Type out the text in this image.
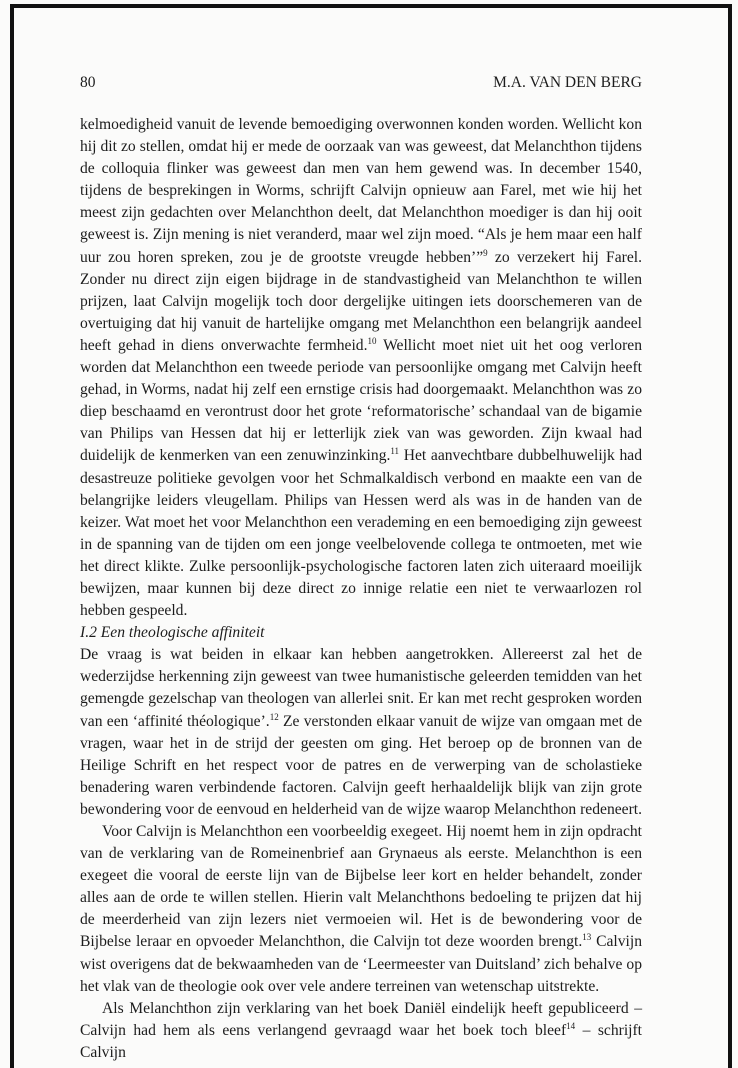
80	M.A. VAN DEN BERG

kelmoedigheid vanuit de levende bemoediging overwonnen konden worden. Wellicht kon hij dit zo stellen, omdat hij er mede de oorzaak van was geweest, dat Melanchthon tijdens de colloquia flinker was geweest dan men van hem gewend was. In december 1540, tijdens de besprekingen in Worms, schrijft Calvijn opnieuw aan Farel, met wie hij het meest zijn gedachten over Melanchthon deelt, dat Melanchthon moediger is dan hij ooit geweest is. Zijn mening is niet veranderd, maar wel zijn moed. “Als je hem maar een half uur zou horen spreken, zou je de grootste vreugde hebben’”$^9$ zo verzekert hij Farel. Zonder nu direct zijn eigen bijdrage in de standvastigheid van Melanchthon te willen prijzen, laat Calvijn mogelijk toch door dergelijke uitingen iets doorschemeren van de overtuiging dat hij vanuit de hartelijke omgang met Melanchthon een belangrijk aandeel heeft gehad in diens onverwachte fermheid.$^{10}$ Wellicht moet niet uit het oog verloren worden dat Melanchthon een tweede periode van persoonlijke omgang met Calvijn heeft gehad, in Worms, nadat hij zelf een ernstige crisis had doorgemaakt. Melanchthon was zo diep beschaamd en verontrust door het grote ‘reformatorische’ schandaal van de bigamie van Philips van Hessen dat hij er letterlijk ziek van was geworden. Zijn kwaal had duidelijk de kenmerken van een zenuwinzinking.$^{11}$ Het aanvechtbare dubbelhuwelijk had desastreuze politieke gevolgen voor het Schmalkaldisch verbond en maakte een van de belangrijke leiders vleugellam. Philips van Hessen werd als was in de handen van de keizer. Wat moet het voor Melanchthon een verademing en een bemoediging zijn geweest in de spanning van de tijden om een jonge veelbelovende collega te ontmoeten, met wie het direct klikte. Zulke persoonlijk-psychologische factoren laten zich uiteraard moeilijk bewijzen, maar kunnen bij deze direct zo innige relatie een niet te verwaarlozen rol hebben gespeeld.

I.2 Een theologische affiniteit

De vraag is wat beiden in elkaar kan hebben aangetrokken. Allereerst zal het de wederzijdse herkenning zijn geweest van twee humanistische geleerden temidden van het gemengde gezelschap van theologen van allerlei snit. Er kan met recht gesproken worden van een ‘affinité théologique’.$^{12}$ Ze verstonden elkaar vanuit de wijze van omgaan met de vragen, waar het in de strijd der geesten om ging. Het beroep op de bronnen van de Heilige Schrift en het respect voor de patres en de verwerping van de scholastieke benadering waren verbindende factoren. Calvijn geeft herhaaldelijk blijk van zijn grote bewondering voor de eenvoud en helderheid van de wijze waarop Melanchthon redeneert.

Voor Calvijn is Melanchthon een voorbeeldig exegeet. Hij noemt hem in zijn opdracht van de verklaring van de Romeinenbrief aan Grynaeus als eerste. Melanchthon is een exegeet die vooral de eerste lijn van de Bijbelse leer kort en helder behandelt, zonder alles aan de orde te willen stellen. Hierin valt Melanchthons bedoeling te prijzen dat hij de meerderheid van zijn lezers niet vermoeien wil. Het is de bewondering voor de Bijbelse leraar en opvoeder Melanchthon, die Calvijn tot deze woorden brengt.$^{13}$ Calvijn wist overigens dat de bekwaamheden van de ‘Leermeester van Duitsland’ zich behalve op het vlak van de theologie ook over vele andere terreinen van wetenschap uitstrekte.

Als Melanchthon zijn verklaring van het boek Daniël eindelijk heeft gepubliceerd – Calvijn had hem als eens verlangend gevraagd waar het boek toch bleef$^{14}$ – schrijft Calvijn
